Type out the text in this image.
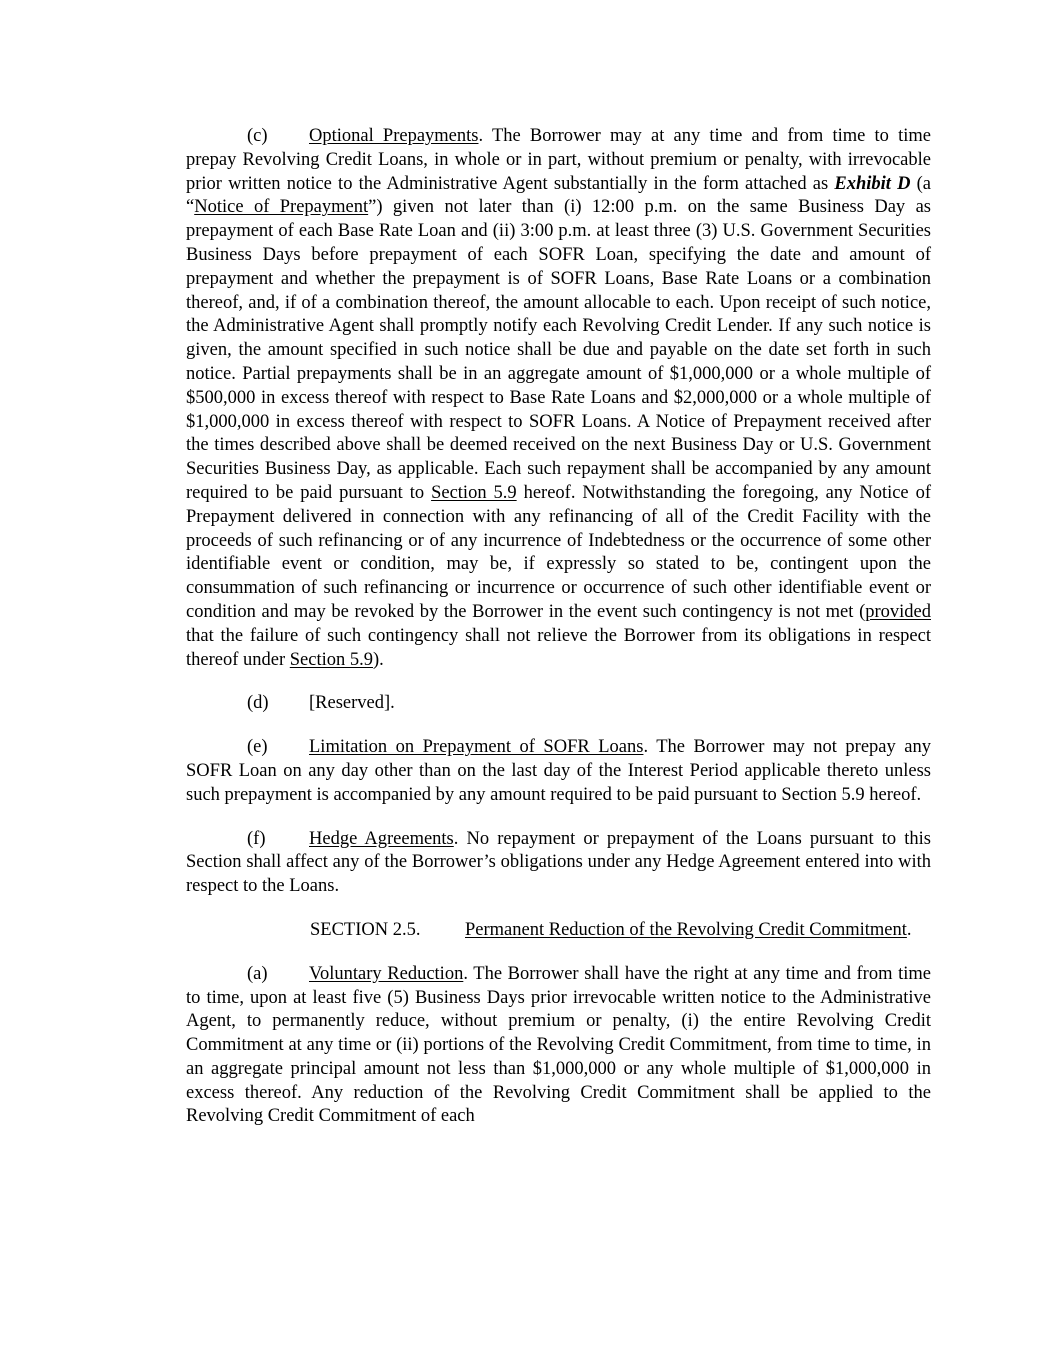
(c) Optional Prepayments. The Borrower may at any time and from time to time prepay Revolving Credit Loans, in whole or in part, without premium or penalty, with irrevocable prior written notice to the Administrative Agent substantially in the form attached as Exhibit D (a “Notice of Prepayment”) given not later than (i) 12:00 p.m. on the same Business Day as prepayment of each Base Rate Loan and (ii) 3:00 p.m. at least three (3) U.S. Government Securities Business Days before prepayment of each SOFR Loan, specifying the date and amount of prepayment and whether the prepayment is of SOFR Loans, Base Rate Loans or a combination thereof, and, if of a combination thereof, the amount allocable to each. Upon receipt of such notice, the Administrative Agent shall promptly notify each Revolving Credit Lender. If any such notice is given, the amount specified in such notice shall be due and payable on the date set forth in such notice. Partial prepayments shall be in an aggregate amount of $1,000,000 or a whole multiple of $500,000 in excess thereof with respect to Base Rate Loans and $2,000,000 or a whole multiple of $1,000,000 in excess thereof with respect to SOFR Loans. A Notice of Prepayment received after the times described above shall be deemed received on the next Business Day or U.S. Government Securities Business Day, as applicable. Each such repayment shall be accompanied by any amount required to be paid pursuant to Section 5.9 hereof. Notwithstanding the foregoing, any Notice of Prepayment delivered in connection with any refinancing of all of the Credit Facility with the proceeds of such refinancing or of any incurrence of Indebtedness or the occurrence of some other identifiable event or condition, may be, if expressly so stated to be, contingent upon the consummation of such refinancing or incurrence or occurrence of such other identifiable event or condition and may be revoked by the Borrower in the event such contingency is not met (provided that the failure of such contingency shall not relieve the Borrower from its obligations in respect thereof under Section 5.9).

(d) [Reserved].

(e) Limitation on Prepayment of SOFR Loans. The Borrower may not prepay any SOFR Loan on any day other than on the last day of the Interest Period applicable thereto unless such prepayment is accompanied by any amount required to be paid pursuant to Section 5.9 hereof.

(f) Hedge Agreements. No repayment or prepayment of the Loans pursuant to this Section shall affect any of the Borrower’s obligations under any Hedge Agreement entered into with respect to the Loans.

SECTION 2.5. Permanent Reduction of the Revolving Credit Commitment.

(a) Voluntary Reduction. The Borrower shall have the right at any time and from time to time, upon at least five (5) Business Days prior irrevocable written notice to the Administrative Agent, to permanently reduce, without premium or penalty, (i) the entire Revolving Credit Commitment at any time or (ii) portions of the Revolving Credit Commitment, from time to time, in an aggregate principal amount not less than $1,000,000 or any whole multiple of $1,000,000 in excess thereof. Any reduction of the Revolving Credit Commitment shall be applied to the Revolving Credit Commitment of each
